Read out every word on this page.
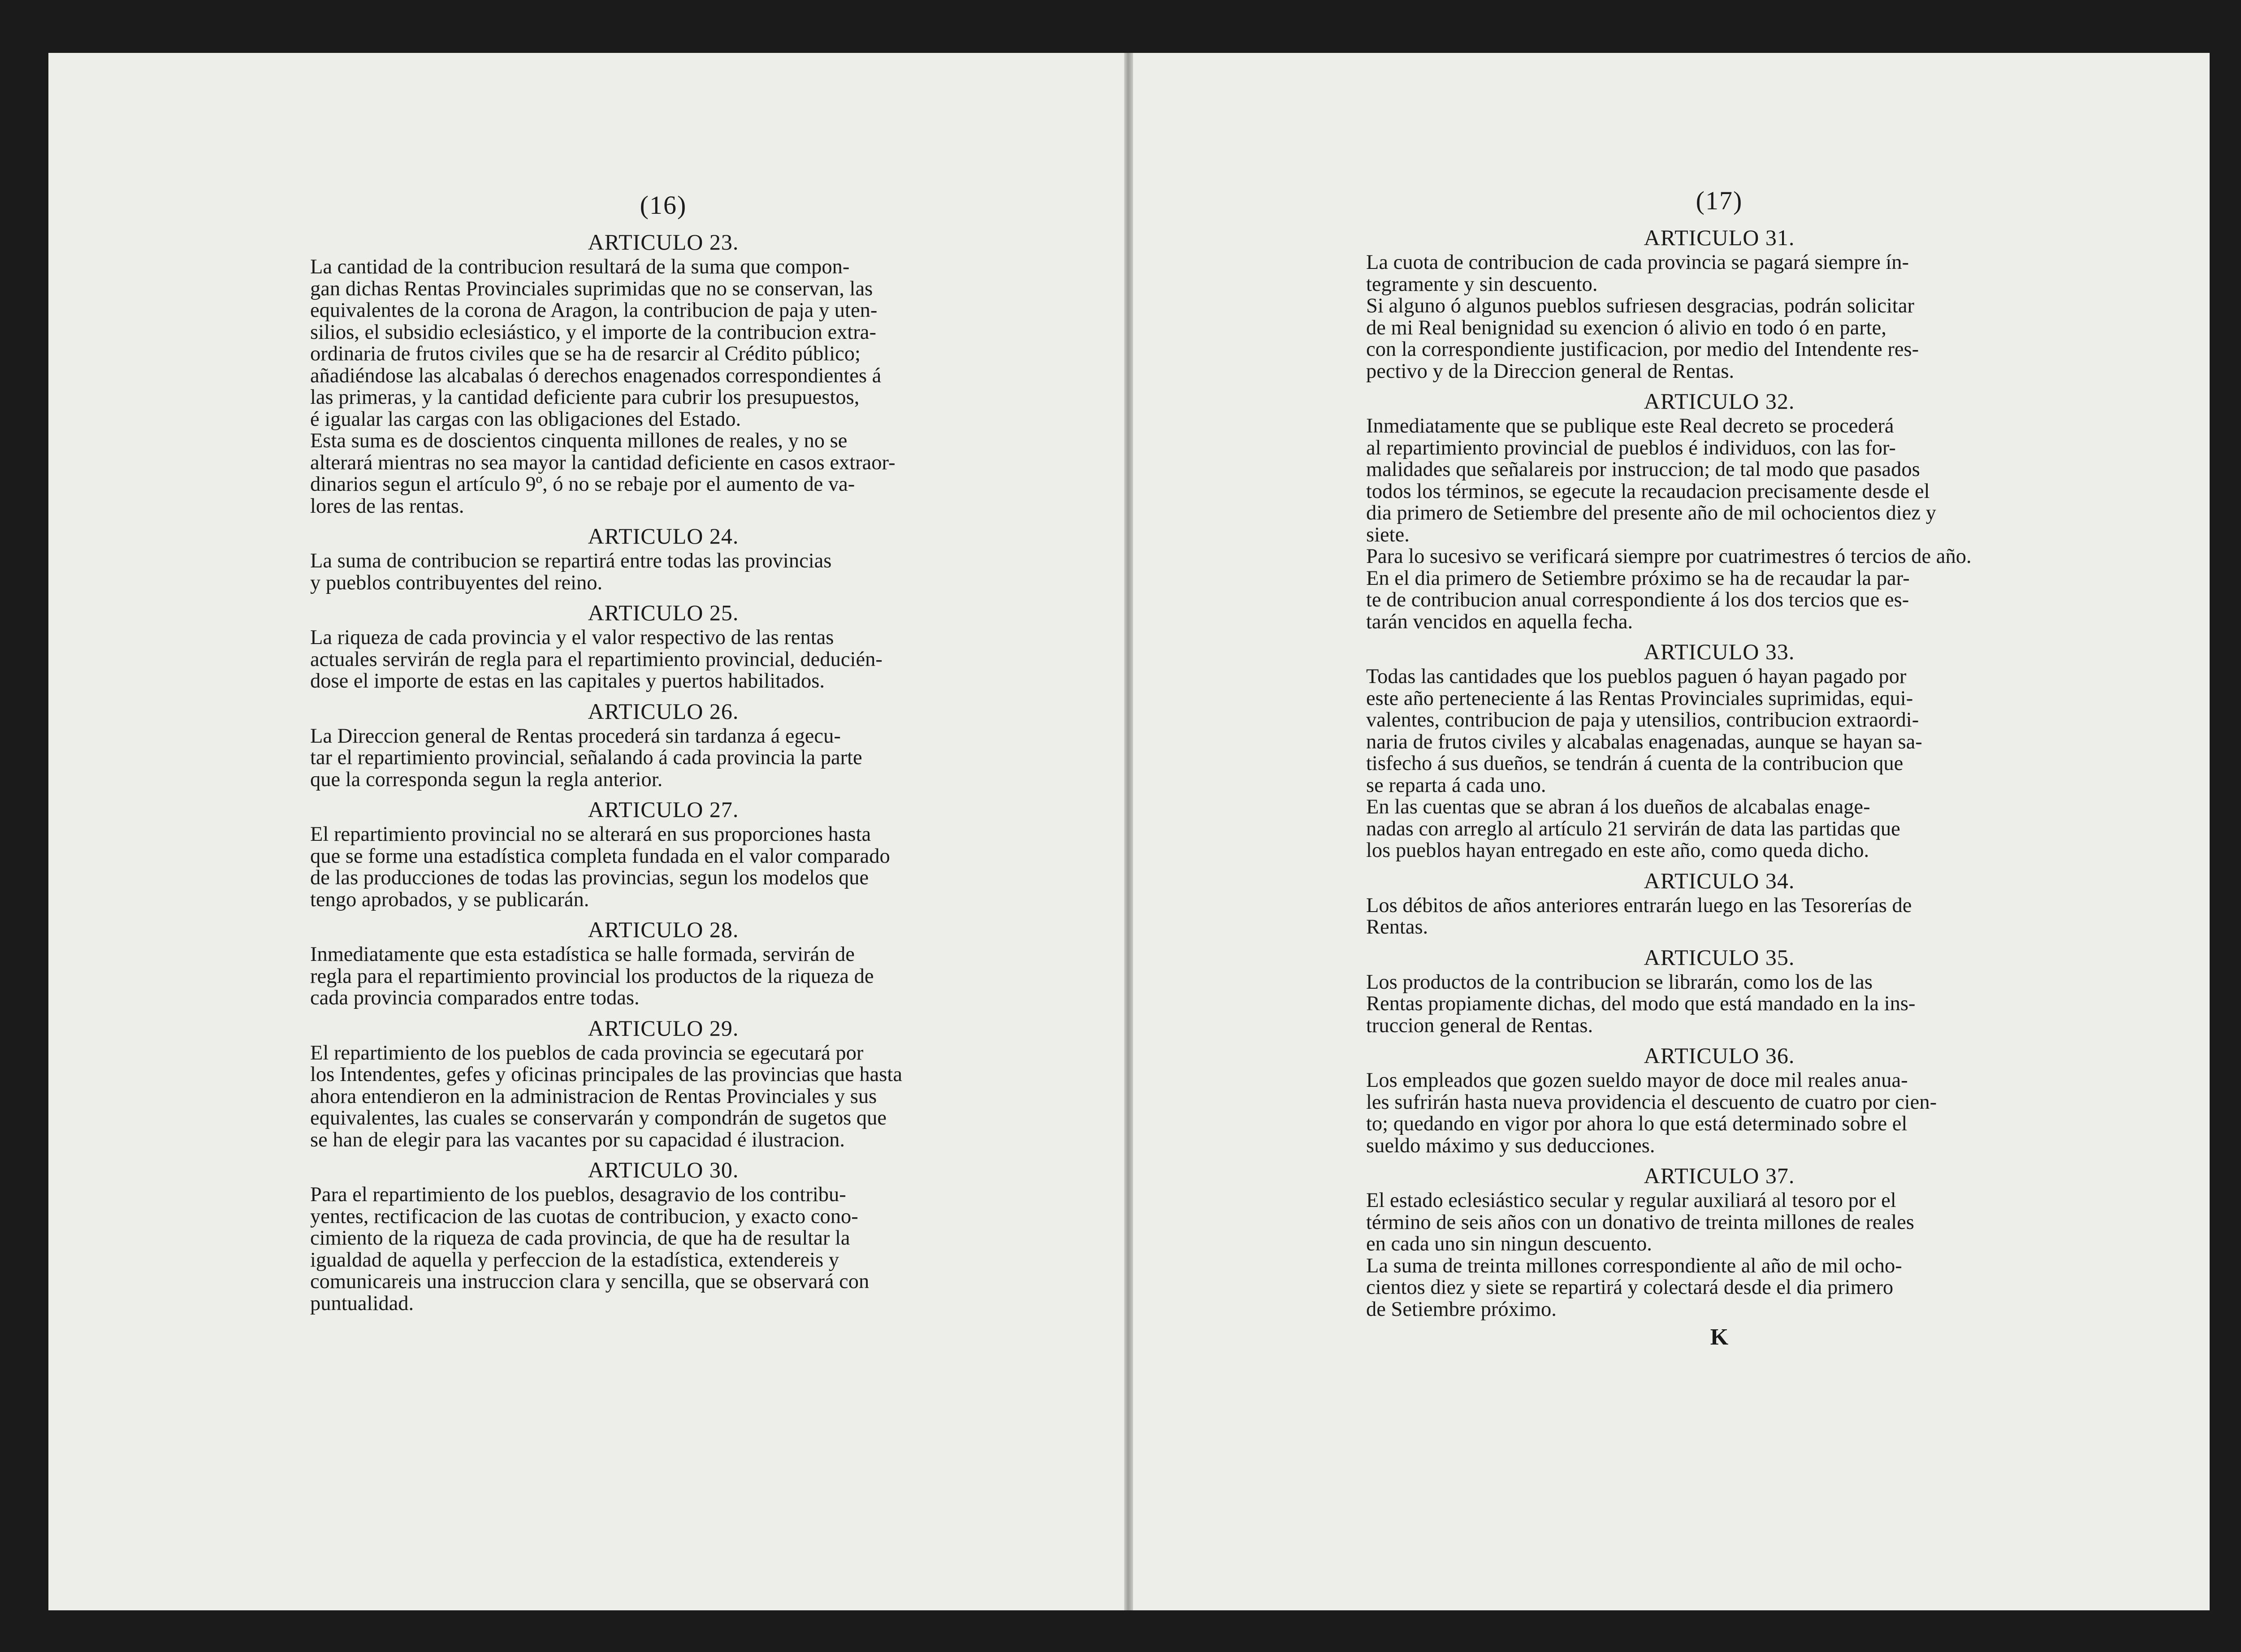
(16)
ARTICULO 23.

La cantidad de la contribucion resultará de la suma que compon-
gan dichas Rentas Provinciales suprimidas que no se conservan, las
equivalentes de la corona de Aragon, la contribucion de paja y uten-
silios, el subsidio eclesiástico, y el importe de la contribucion extra-
ordinaria de frutos civiles que se ha de resarcir al Crédito público;
añadiéndose las alcabalas ó derechos enagenados correspondientes á
las primeras, y la cantidad deficiente para cubrir los presupuestos,
é igualar las cargas con las obligaciones del Estado.

Esta suma es de doscientos cinquenta millones de reales, y no se
alterará mientras no sea mayor la cantidad deficiente en casos extraor-
dinarios segun el artículo 9º, ó no se rebaje por el aumento de va-
lores de las rentas.

ARTICULO 24.

La suma de contribucion se repartirá entre todas las provincias
y pueblos contribuyentes del reino.

ARTICULO 25.

La riqueza de cada provincia y el valor respectivo de las rentas
actuales servirán de regla para el repartimiento provincial, deducién-
dose el importe de estas en las capitales y puertos habilitados.

ARTICULO 26.

La Direccion general de Rentas procederá sin tardanza á egecu-
tar el repartimiento provincial, señalando á cada provincia la parte
que la corresponda segun la regla anterior.

ARTICULO 27.

El repartimiento provincial no se alterará en sus proporciones hasta
que se forme una estadística completa fundada en el valor comparado
de las producciones de todas las provincias, segun los modelos que
tengo aprobados, y se publicarán.

ARTICULO 28.

Inmediatamente que esta estadística se halle formada, servirán de
regla para el repartimiento provincial los productos de la riqueza de
cada provincia comparados entre todas.

ARTICULO 29.

El repartimiento de los pueblos de cada provincia se egecutará por
los Intendentes, gefes y oficinas principales de las provincias que hasta
ahora entendieron en la administracion de Rentas Provinciales y sus
equivalentes, las cuales se conservarán y compondrán de sugetos que
se han de elegir para las vacantes por su capacidad é ilustracion.

ARTICULO 30.

Para el repartimiento de los pueblos, desagravio de los contribu-
yentes, rectificacion de las cuotas de contribucion, y exacto cono-
cimiento de la riqueza de cada provincia, de que ha de resultar la
igualdad de aquella y perfeccion de la estadística, extendereis y
comunicareis una instruccion clara y sencilla, que se observará con
puntualidad.

(17)
ARTICULO 31.

La cuota de contribucion de cada provincia se pagará siempre ín-
tegramente y sin descuento.

Si alguno ó algunos pueblos sufriesen desgracias, podrán solicitar
de mi Real benignidad su exencion ó alivio en todo ó en parte,
con la correspondiente justificacion, por medio del Intendente res-
pectivo y de la Direccion general de Rentas.

ARTICULO 32.

Inmediatamente que se publique este Real decreto se procederá
al repartimiento provincial de pueblos é individuos, con las for-
malidades que señalareis por instruccion; de tal modo que pasados
todos los términos, se egecute la recaudacion precisamente desde el
dia primero de Setiembre del presente año de mil ochocientos diez y
siete.

Para lo sucesivo se verificará siempre por cuatrimestres ó tercios de año.

En el dia primero de Setiembre próximo se ha de recaudar la par-
te de contribucion anual correspondiente á los dos tercios que es-
tarán vencidos en aquella fecha.

ARTICULO 33.

Todas las cantidades que los pueblos paguen ó hayan pagado por
este año perteneciente á las Rentas Provinciales suprimidas, equi-
valentes, contribucion de paja y utensilios, contribucion extraordi-
naria de frutos civiles y alcabalas enagenadas, aunque se hayan sa-
tisfecho á sus dueños, se tendrán á cuenta de la contribucion que
se reparta á cada uno.

En las cuentas que se abran á los dueños de alcabalas enage-
nadas con arreglo al artículo 21 servirán de data las partidas que
los pueblos hayan entregado en este año, como queda dicho.

ARTICULO 34.

Los débitos de años anteriores entrarán luego en las Tesorerías de
Rentas.

ARTICULO 35.

Los productos de la contribucion se librarán, como los de las
Rentas propiamente dichas, del modo que está mandado en la ins-
truccion general de Rentas.

ARTICULO 36.

Los empleados que gozen sueldo mayor de doce mil reales anua-
les sufrirán hasta nueva providencia el descuento de cuatro por cien-
to; quedando en vigor por ahora lo que está determinado sobre el
sueldo máximo y sus deducciones.

ARTICULO 37.

El estado eclesiástico secular y regular auxiliará al tesoro por el
término de seis años con un donativo de treinta millones de reales
en cada uno sin ningun descuento.

La suma de treinta millones correspondiente al año de mil ocho-
cientos diez y siete se repartirá y colectará desde el dia primero
de Setiembre próximo.

K
